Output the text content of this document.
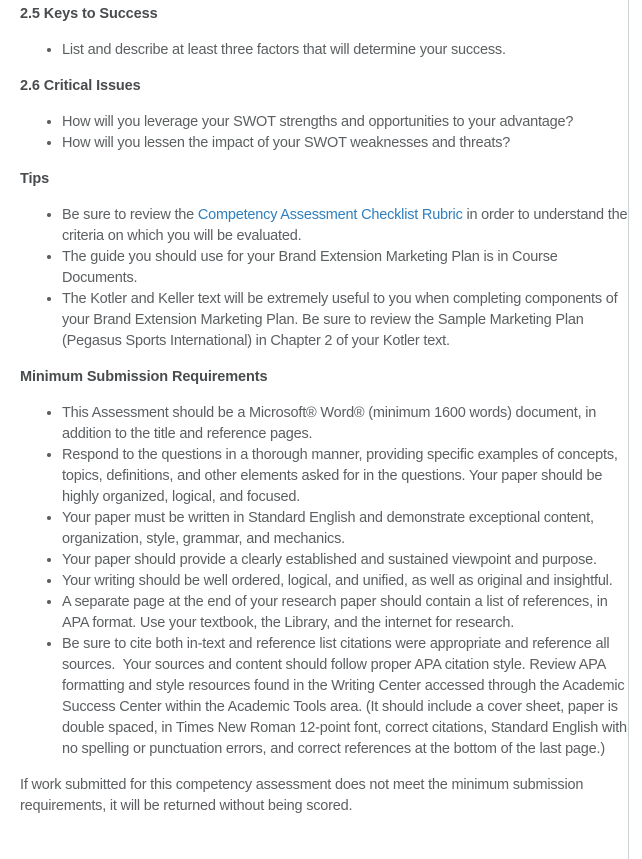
2.5 Keys to Success
• List and describe at least three factors that will determine your success.
2.6 Critical Issues
• How will you leverage your SWOT strengths and opportunities to your advantage?
• How will you lessen the impact of your SWOT weaknesses and threats?
Tips
• Be sure to review the Competency Assessment Checklist Rubric in order to understand the criteria on which you will be evaluated.
• The guide you should use for your Brand Extension Marketing Plan is in Course Documents.
• The Kotler and Keller text will be extremely useful to you when completing components of your Brand Extension Marketing Plan. Be sure to review the Sample Marketing Plan (Pegasus Sports International) in Chapter 2 of your Kotler text.
Minimum Submission Requirements
• This Assessment should be a Microsoft® Word® (minimum 1600 words) document, in addition to the title and reference pages.
• Respond to the questions in a thorough manner, providing specific examples of concepts, topics, definitions, and other elements asked for in the questions. Your paper should be highly organized, logical, and focused.
• Your paper must be written in Standard English and demonstrate exceptional content, organization, style, grammar, and mechanics.
• Your paper should provide a clearly established and sustained viewpoint and purpose.
• Your writing should be well ordered, logical, and unified, as well as original and insightful.
• A separate page at the end of your research paper should contain a list of references, in APA format. Use your textbook, the Library, and the internet for research.
• Be sure to cite both in-text and reference list citations were appropriate and reference all sources.  Your sources and content should follow proper APA citation style. Review APA formatting and style resources found in the Writing Center accessed through the Academic Success Center within the Academic Tools area. (It should include a cover sheet, paper is double spaced, in Times New Roman 12-point font, correct citations, Standard English with no spelling or punctuation errors, and correct references at the bottom of the last page.)

If work submitted for this competency assessment does not meet the minimum submission requirements, it will be returned without being scored.
